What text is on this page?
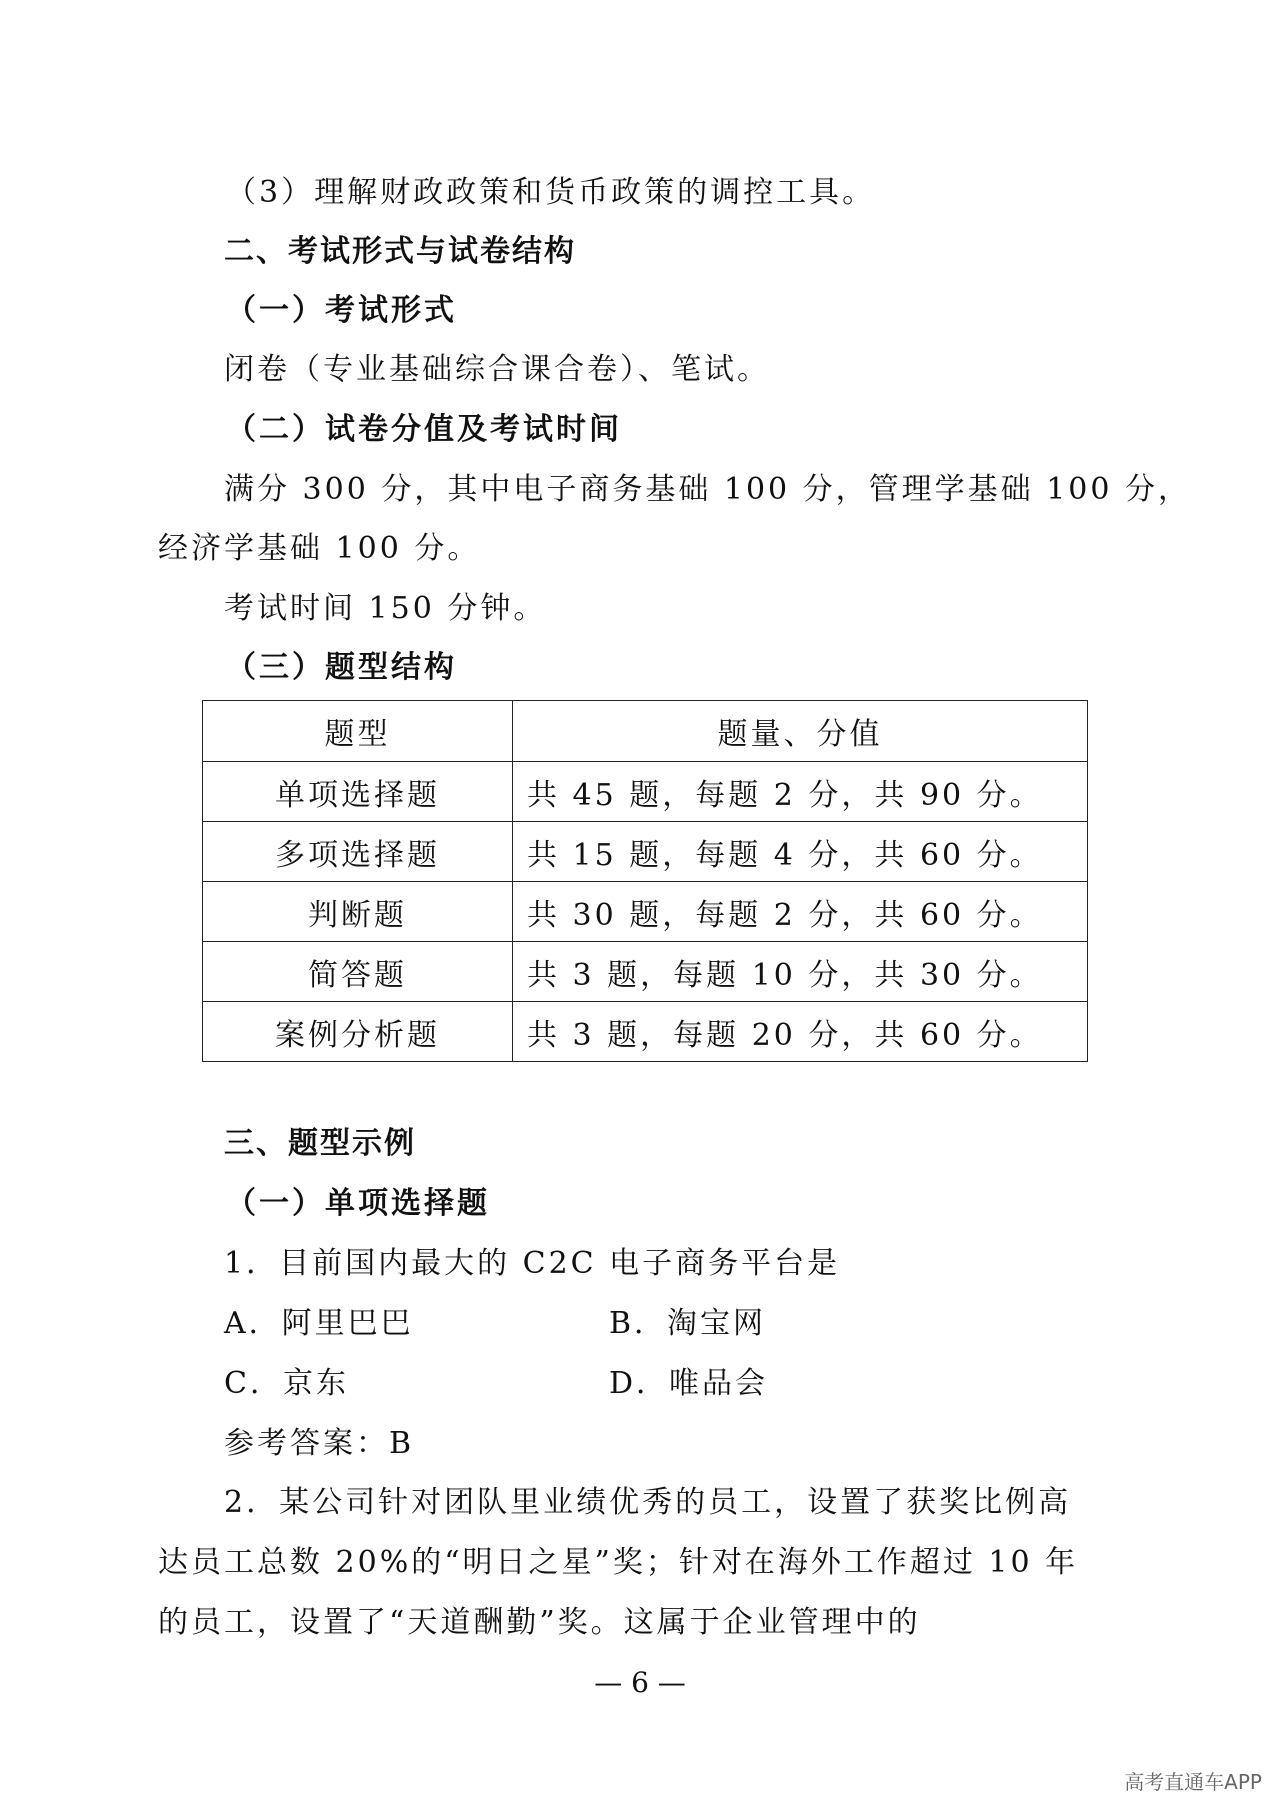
（3）理解财政政策和货币政策的调控工具。
二、考试形式与试卷结构
（一）考试形式
闭卷（专业基础综合课合卷）、笔试。
（二）试卷分值及考试时间
满分 300 分，其中电子商务基础 100 分，管理学基础 100 分，
经济学基础 100 分。
考试时间 150 分钟。
（三）题型结构
题型	题量、分值
单项选择题	共 45 题，每题 2 分，共 90 分。
多项选择题	共 15 题，每题 4 分，共 60 分。
判断题	共 30 题，每题 2 分，共 60 分。
简答题	共 3 题，每题 10 分，共 30 分。
案例分析题	共 3 题，每题 20 分，共 60 分。
三、题型示例
（一）单项选择题
1．目前国内最大的 C2C 电子商务平台是
A．阿里巴巴	B．淘宝网
C．京东	D．唯品会
参考答案：B
2．某公司针对团队里业绩优秀的员工，设置了获奖比例高
达员工总数 20%的“明日之星”奖；针对在海外工作超过 10 年
的员工，设置了“天道酬勤”奖。这属于企业管理中的
— 6 —
高考直通车APP
